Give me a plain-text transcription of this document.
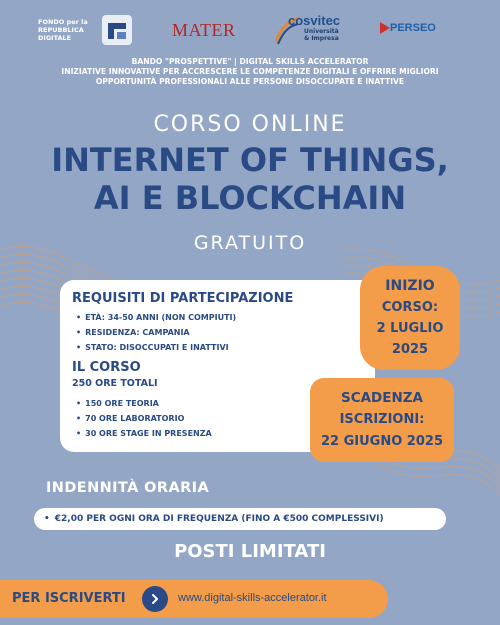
FONDO per la
REPUBBLICA
DIGITALE	MATER	cosvitec
Università
& Impresa
PERSEO
BANDO "PROSPETTIVE" | DIGITAL SKILLS ACCELERATOR
INIZIATIVE INNOVATIVE PER ACCRESCERE LE COMPETENZE DIGITALI E OFFRIRE MIGLIORI
OPPORTUNITÀ PROFESSIONALI ALLE PERSONE DISOCCUPATE E INATTIVE
CORSO ONLINE
INTERNET OF THINGS,
AI E BLOCKCHAIN
GRATUITO
REQUISITI DI PARTECIPAZIONE
• ETÀ: 34-50 ANNI (NON COMPIUTI)
• RESIDENZA: CAMPANIA
• STATO: DISOCCUPATI E INATTIVI
IL CORSO
250 ORE TOTALI
• 150 ORE TEORIA
• 70 ORE LABORATORIO
• 30 ORE STAGE IN PRESENZA
INIZIO
CORSO:
2 LUGLIO
2025
SCADENZA
ISCRIZIONI:
22 GIUGNO 2025
INDENNITÀ ORARIA
• €2,00 PER OGNI ORA DI FREQUENZA (FINO A €500 COMPLESSIVI)
POSTI LIMITATI
PER ISCRIVERTI	www.digital-skills-accelerator.it
